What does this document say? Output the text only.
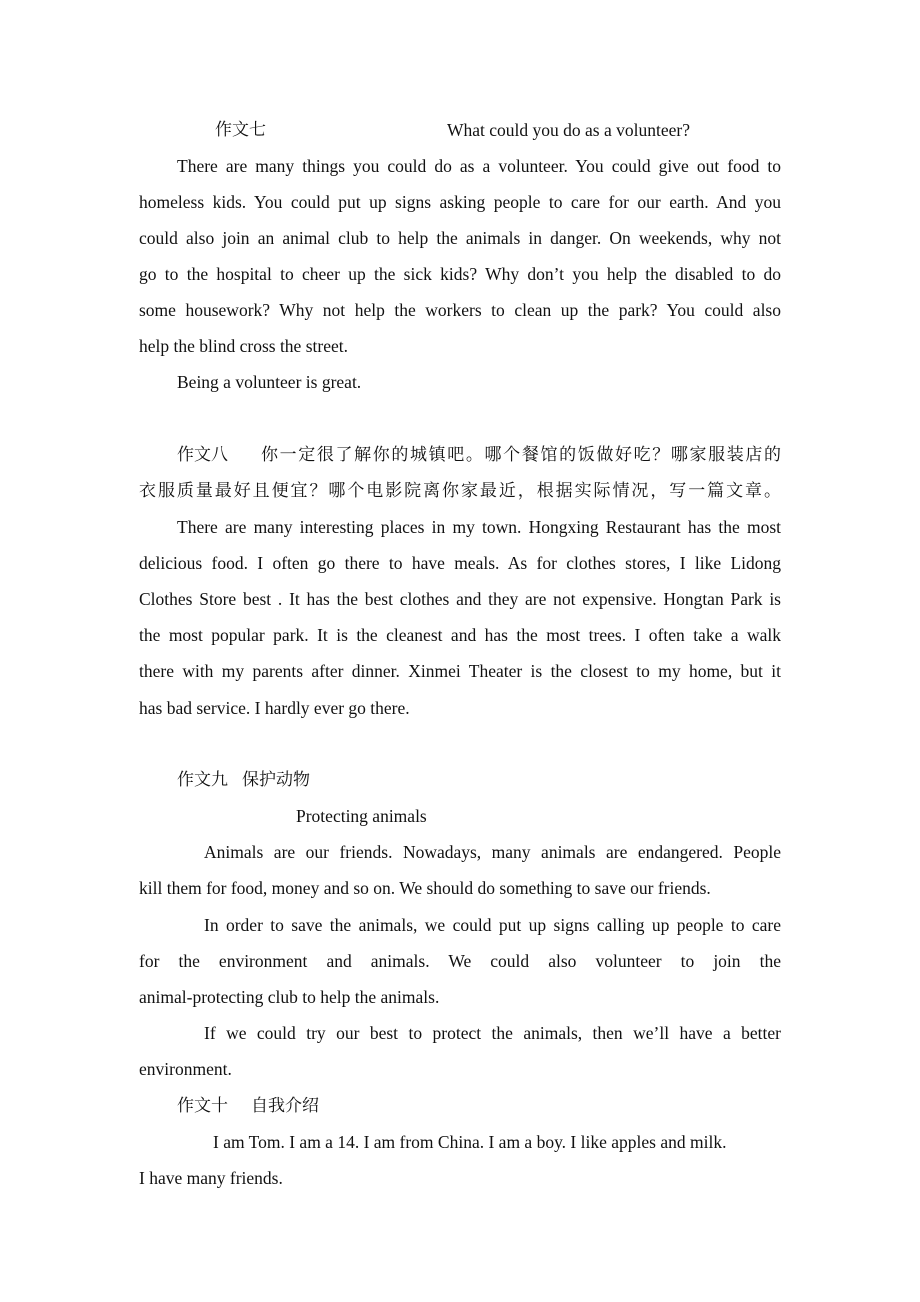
作文七	What could you do as a volunteer?
There are many things you could do as a volunteer. You could give out food to
homeless kids. You could put up signs asking people to care for our earth. And you
could also join an animal club to help the animals in danger. On weekends, why not
go to the hospital to cheer up the sick kids? Why don’t you help the disabled to do
some housework? Why not help the workers to clean up the park? You could also
help the blind cross the street.
Being a volunteer is great.
作文八 你一定很了解你的城镇吧。哪个餐馆的饭做好吃？哪家服装店的
衣服质量最好且便宜？哪个电影院离你家最近，根据实际情况，写一篇文章。
There are many interesting places in my town. Hongxing Restaurant has the most
delicious food. I often go there to have meals. As for clothes stores, I like Lidong
Clothes Store best . It has the best clothes and they are not expensive. Hongtan Park is
the most popular park. It is the cleanest and has the most trees. I often take a walk
there with my parents after dinner. Xinmei Theater is the closest to my home, but it
has bad service. I hardly ever go there.
作文九 保护动物
Protecting animals
Animals are our friends. Nowadays, many animals are endangered. People
kill them for food, money and so on. We should do something to save our friends.
In order to save the animals, we could put up signs calling up people to care
for the environment and animals. We could also volunteer to join the
animal-protecting club to help the animals.
If we could try our best to protect the animals, then we’ll have a better
environment.
作文十 自我介绍
I am Tom. I am a 14. I am from China. I am a boy. I like apples and milk.
I have many friends.
